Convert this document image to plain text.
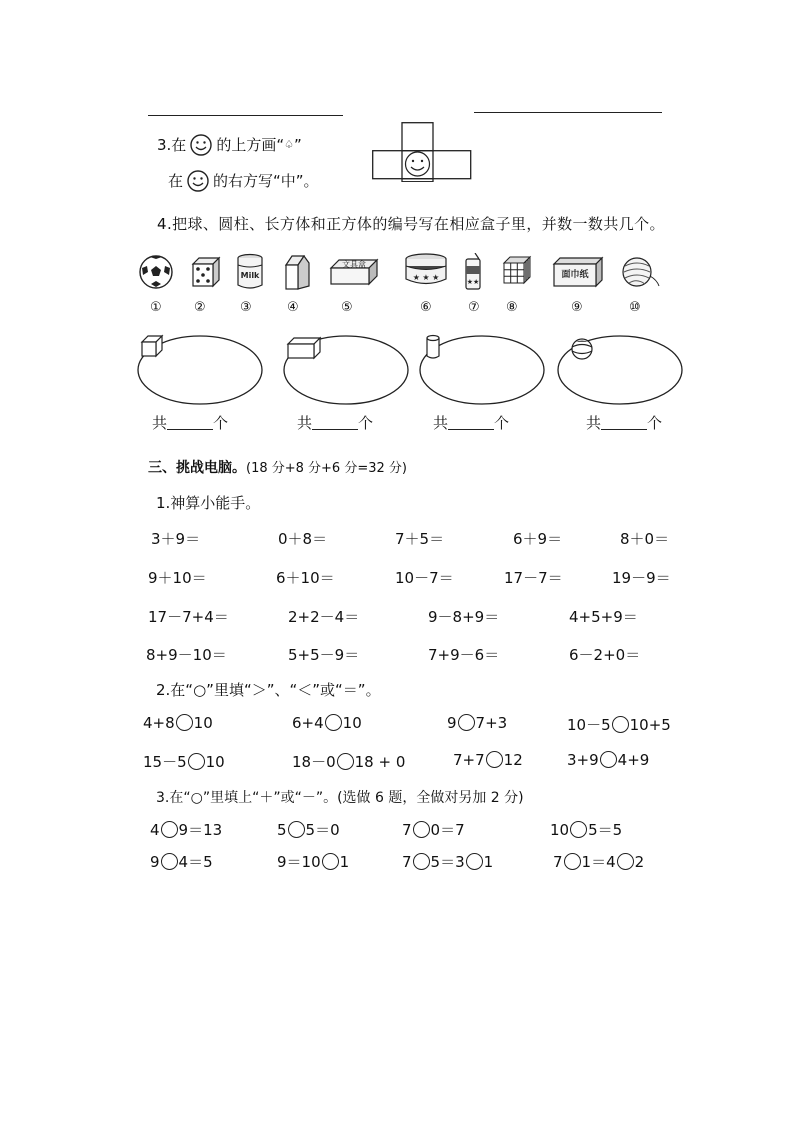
3.在 的上方画“♤”
在 的右方写“中”。
4.把球、圆柱、长方体和正方体的编号写在相应盒子里，并数一数共几个。
Milk
文具盒
★ ★ ★	★★
面巾纸
① ②	③	④	⑤	⑥	⑦ ⑧	⑨	⑩
共	个	共	个	共	个	共	个
三、挑战电脑。(18 分+8 分+6 分=32 分)
1.神算小能手。
3＋9＝	0＋8＝	7＋5＝	6＋9＝	8＋0＝
9＋10＝	6＋10＝	10－7＝	17－7＝	19－9＝
17－7+4＝	2+2－4＝	9－8+9＝	4+5+9＝
8+9－10＝	5+5－9＝	7+9－6＝	6－2+0＝
2.在“○”里填“＞”、“＜”或“＝”。
4+8 10	6+4 10	9 7+3	10－5 10+5
15－5 10	18－0 18 + 0	7+7 12	3+9 4+9
3.在“○”里填上“＋”或“－”。(选做 6 题，全做对另加 2 分)
4 9＝13	5 5＝0	7 0＝7	10 5＝5
9 4＝5	9＝10 1	7 5＝3 1	7 1＝4 2
